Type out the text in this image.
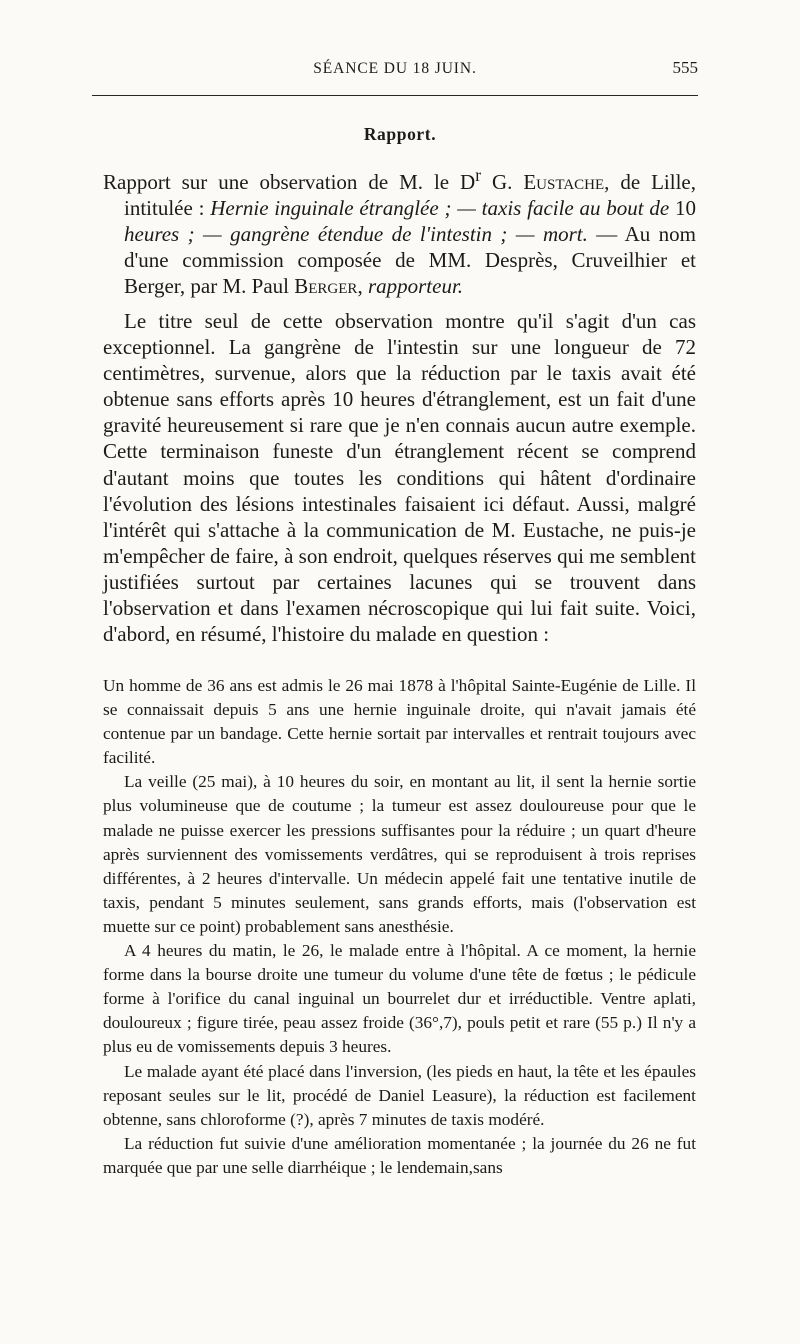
SÉANCE DU 18 JUIN.	555
Rapport.

Rapport sur une observation de M. le $D^r$ G. Eustache, de Lille, intitulée : Hernie inguinale étranglée ; — taxis facile au bout de 10 heures ; — gangrène étendue de l'intestin ; — mort. — Au nom d'une commission composée de MM. Desprès, Cruveilhier et Berger, par M. Paul Berger, rapporteur.

Le titre seul de cette observation montre qu'il s'agit d'un cas exceptionnel. La gangrène de l'intestin sur une longueur de 72 centimètres, survenue, alors que la réduction par le taxis avait été obtenue sans efforts après 10 heures d'étranglement, est un fait d'une gravité heureusement si rare que je n'en connais aucun autre exemple. Cette terminaison funeste d'un étranglement récent se comprend d'autant moins que toutes les conditions qui hâtent d'ordinaire l'évolution des lésions intestinales faisaient ici défaut. Aussi, malgré l'intérêt qui s'attache à la communication de M. Eustache, ne puis-je m'empêcher de faire, à son endroit, quelques réserves qui me semblent justifiées surtout par certaines lacunes qui se trouvent dans l'observation et dans l'examen nécroscopique qui lui fait suite. Voici, d'abord, en résumé, l'histoire du malade en question :

Un homme de 36 ans est admis le 26 mai 1878 à l'hôpital Sainte-Eugénie de Lille. Il se connaissait depuis 5 ans une hernie inguinale droite, qui n'avait jamais été contenue par un bandage. Cette hernie sortait par intervalles et rentrait toujours avec facilité.

La veille (25 mai), à 10 heures du soir, en montant au lit, il sent la hernie sortie plus volumineuse que de coutume ; la tumeur est assez douloureuse pour que le malade ne puisse exercer les pressions suffisantes pour la réduire ; un quart d'heure après surviennent des vomissements verdâtres, qui se reproduisent à trois reprises différentes, à 2 heures d'intervalle. Un médecin appelé fait une tentative inutile de taxis, pendant 5 minutes seulement, sans grands efforts, mais (l'observation est muette sur ce point) probablement sans anesthésie.

A 4 heures du matin, le 26, le malade entre à l'hôpital. A ce moment, la hernie forme dans la bourse droite une tumeur du volume d'une tête de fœtus ; le pédicule forme à l'orifice du canal inguinal un bourrelet dur et irréductible. Ventre aplati, douloureux ; figure tirée, peau assez froide (36°,7), pouls petit et rare (55 p.) Il n'y a plus eu de vomissements depuis 3 heures.

Le malade ayant été placé dans l'inversion, (les pieds en haut, la tête et les épaules reposant seules sur le lit, procédé de Daniel Leasure), la réduction est facilement obtenne, sans chloroforme (?), après 7 minutes de taxis modéré.

La réduction fut suivie d'une amélioration momentanée ; la journée du 26 ne fut marquée que par une selle diarrhéique ; le lendemain,sans
